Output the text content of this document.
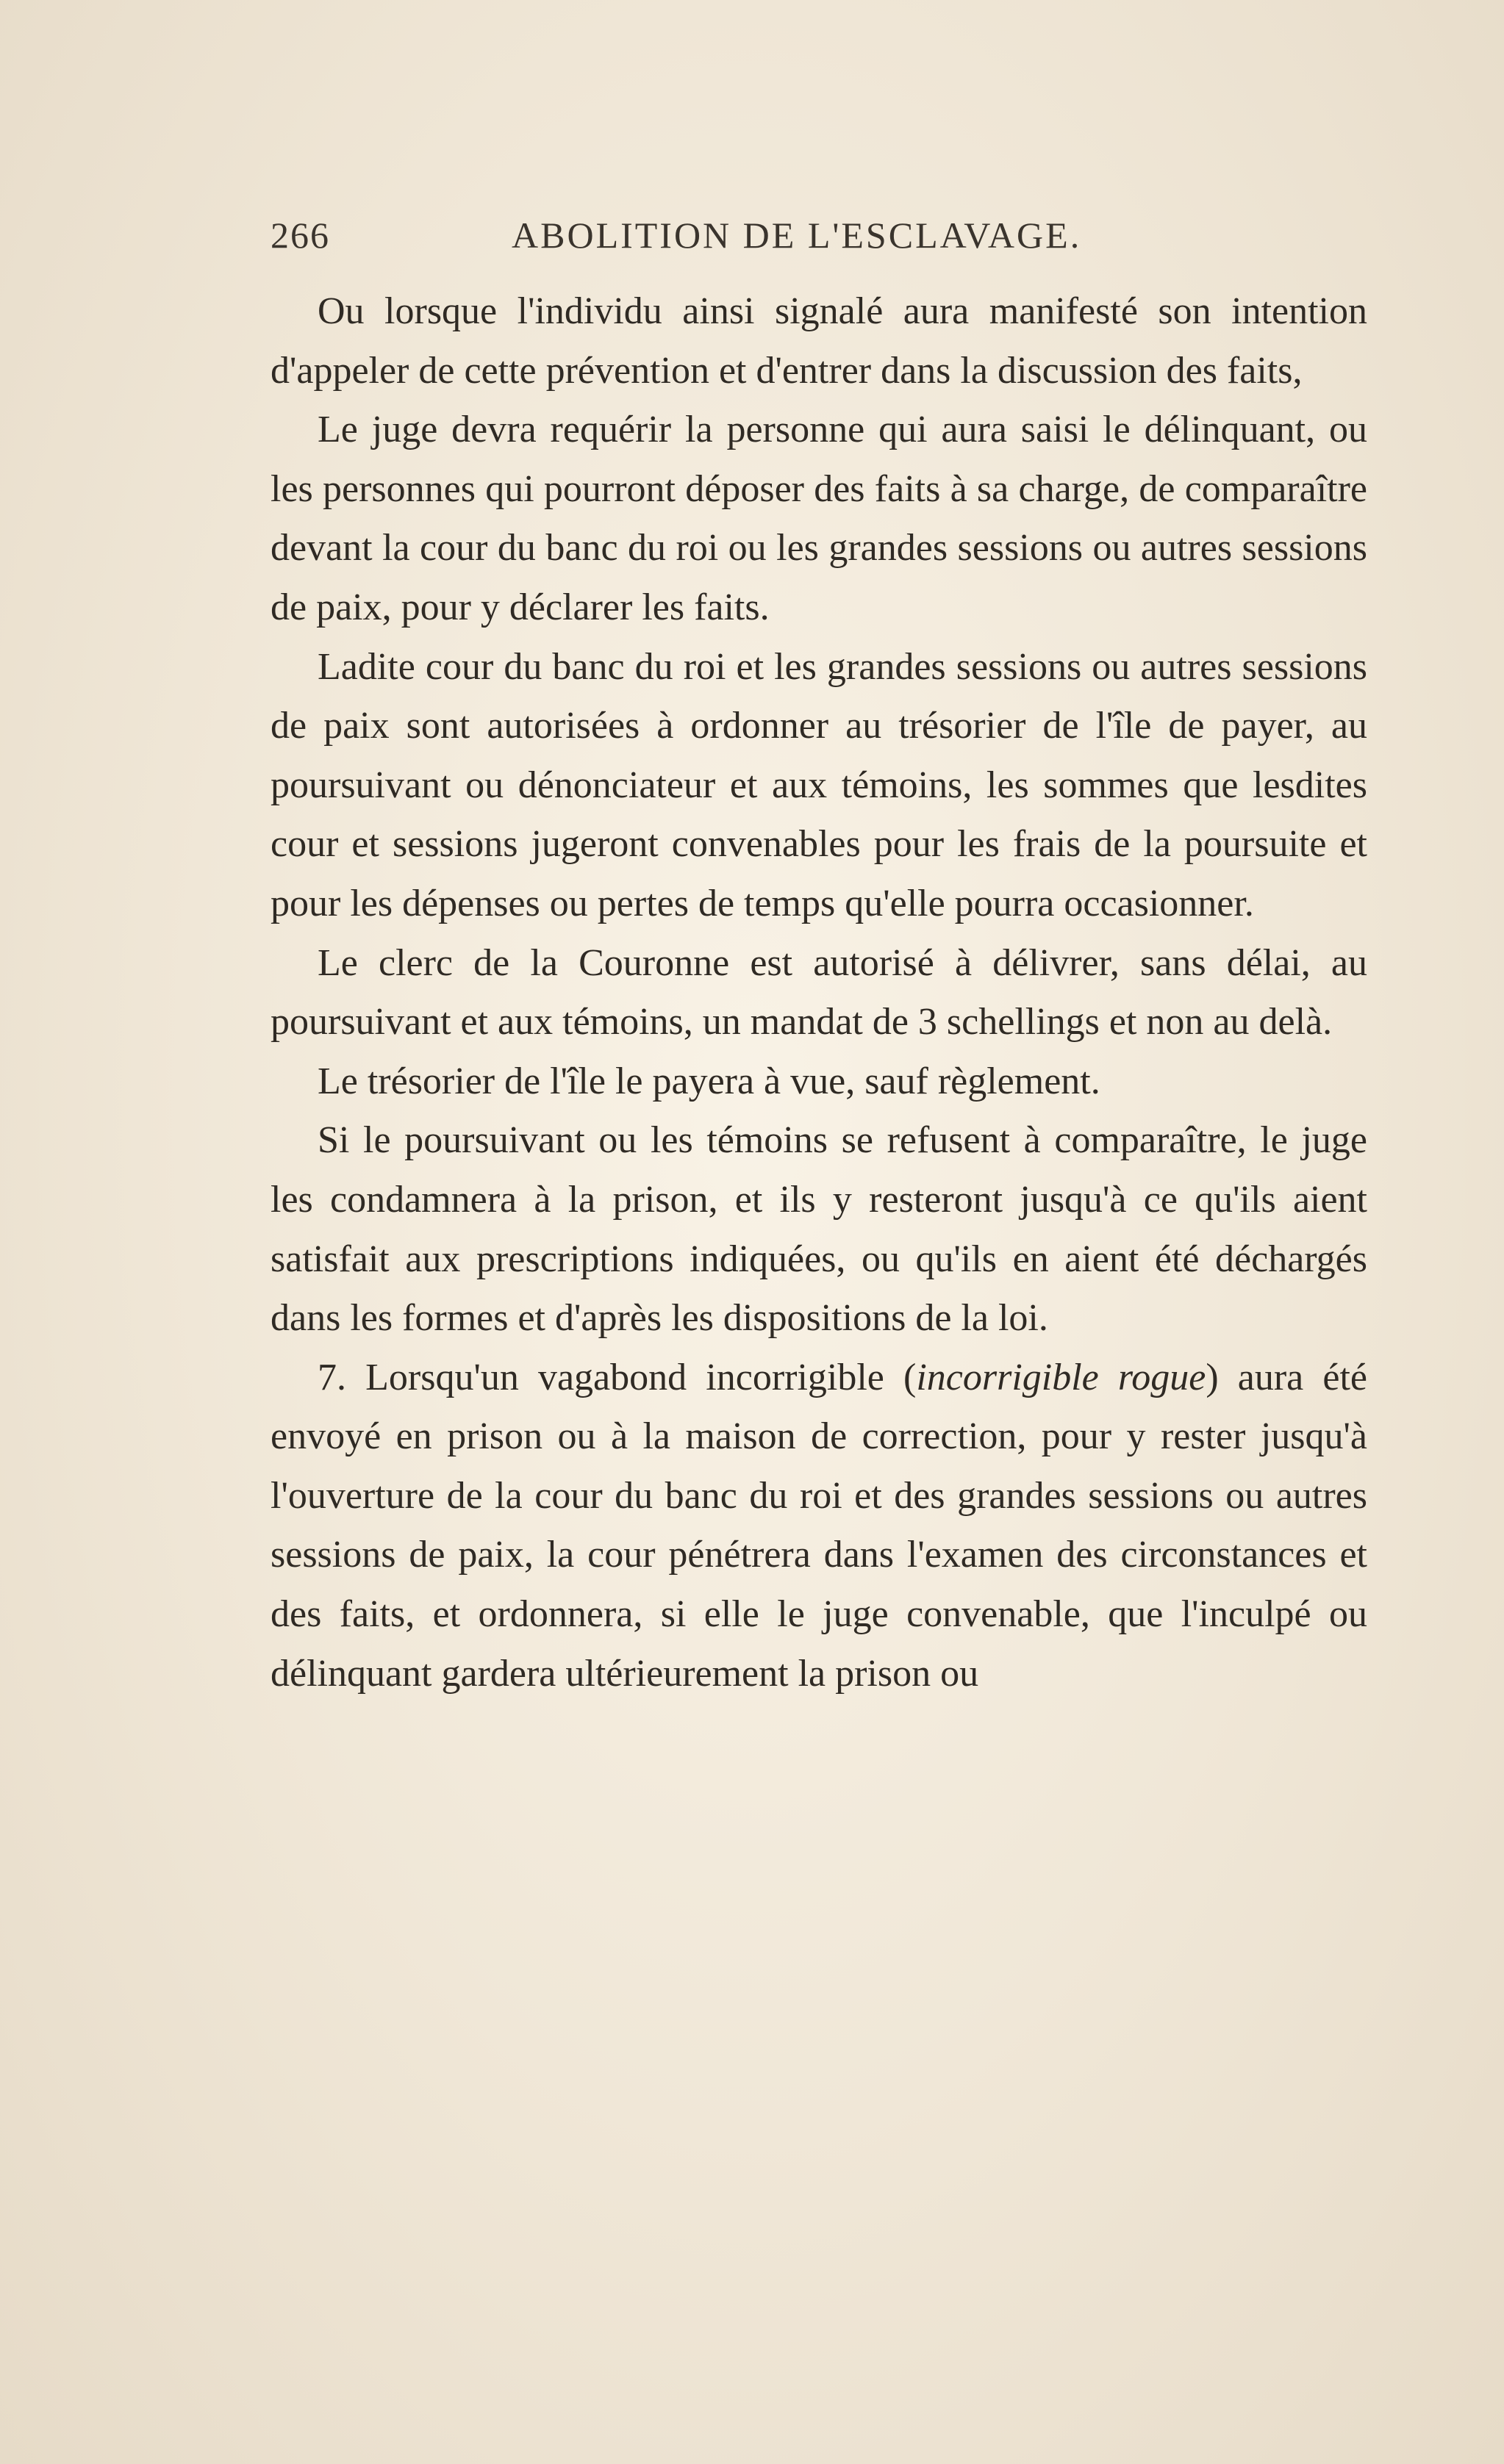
266	ABOLITION DE L'ESCLAVAGE.

Ou lorsque l'individu ainsi signalé aura manifesté son intention d'appeler de cette prévention et d'entrer dans la discussion des faits,

Le juge devra requérir la personne qui aura saisi le délinquant, ou les personnes qui pourront déposer des faits à sa charge, de comparaître devant la cour du banc du roi ou les grandes sessions ou autres sessions de paix, pour y déclarer les faits.

Ladite cour du banc du roi et les grandes sessions ou autres sessions de paix sont autorisées à ordonner au trésorier de l'île de payer, au poursuivant ou dénonciateur et aux témoins, les sommes que lesdites cour et sessions jugeront convenables pour les frais de la poursuite et pour les dépenses ou pertes de temps qu'elle pourra occasionner.

Le clerc de la Couronne est autorisé à délivrer, sans délai, au poursuivant et aux témoins, un mandat de 3 schellings et non au delà.

Le trésorier de l'île le payera à vue, sauf règlement.

Si le poursuivant ou les témoins se refusent à comparaître, le juge les condamnera à la prison, et ils y resteront jusqu'à ce qu'ils aient satisfait aux prescriptions indiquées, ou qu'ils en aient été déchargés dans les formes et d'après les dispositions de la loi.

7. Lorsqu'un vagabond incorrigible (incorrigible rogue) aura été envoyé en prison ou à la maison de correction, pour y rester jusqu'à l'ouverture de la cour du banc du roi et des grandes sessions ou autres sessions de paix, la cour pénétrera dans l'examen des circonstances et des faits, et ordonnera, si elle le juge convenable, que l'inculpé ou délinquant gardera ultérieurement la prison ou
